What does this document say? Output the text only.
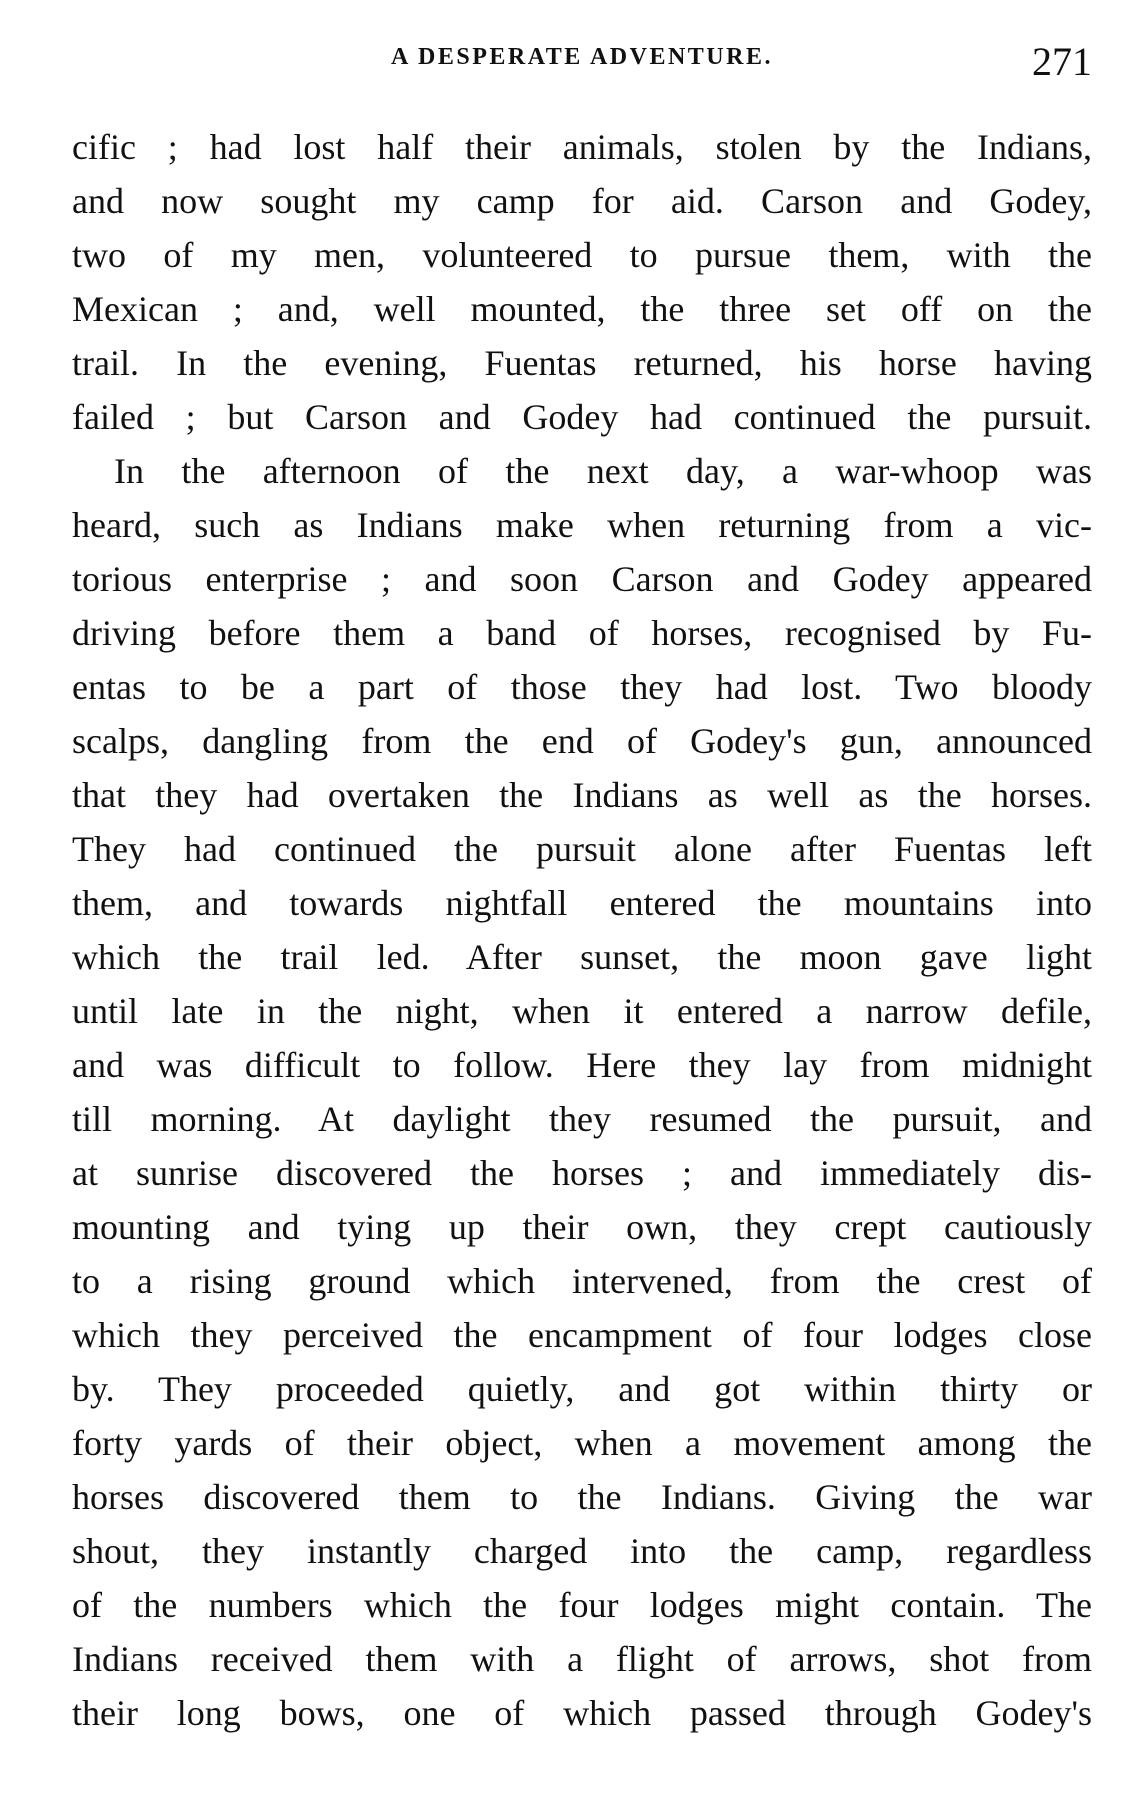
A DESPERATE ADVENTURE.	271
cific ; had lost half their animals, stolen by the Indians,
and now sought my camp for aid. Carson and Godey,
two of my men, volunteered to pursue them, with the
Mexican ; and, well mounted, the three set off on the
trail. In the evening, Fuentas returned, his horse having
failed ; but Carson and Godey had continued the pursuit.
In the afternoon of the next day, a war-whoop was
heard, such as Indians make when returning from a vic-
torious enterprise ; and soon Carson and Godey appeared
driving before them a band of horses, recognised by Fu-
entas to be a part of those they had lost. Two bloody
scalps, dangling from the end of Godey's gun, announced
that they had overtaken the Indians as well as the horses.
They had continued the pursuit alone after Fuentas left
them, and towards nightfall entered the mountains into
which the trail led. After sunset, the moon gave light
until late in the night, when it entered a narrow defile,
and was difficult to follow. Here they lay from midnight
till morning. At daylight they resumed the pursuit, and
at sunrise discovered the horses ; and immediately dis-
mounting and tying up their own, they crept cautiously
to a rising ground which intervened, from the crest of
which they perceived the encampment of four lodges close
by. They proceeded quietly, and got within thirty or
forty yards of their object, when a movement among the
horses discovered them to the Indians. Giving the war
shout, they instantly charged into the camp, regardless
of the numbers which the four lodges might contain. The
Indians received them with a flight of arrows, shot from
their long bows, one of which passed through Godey's
